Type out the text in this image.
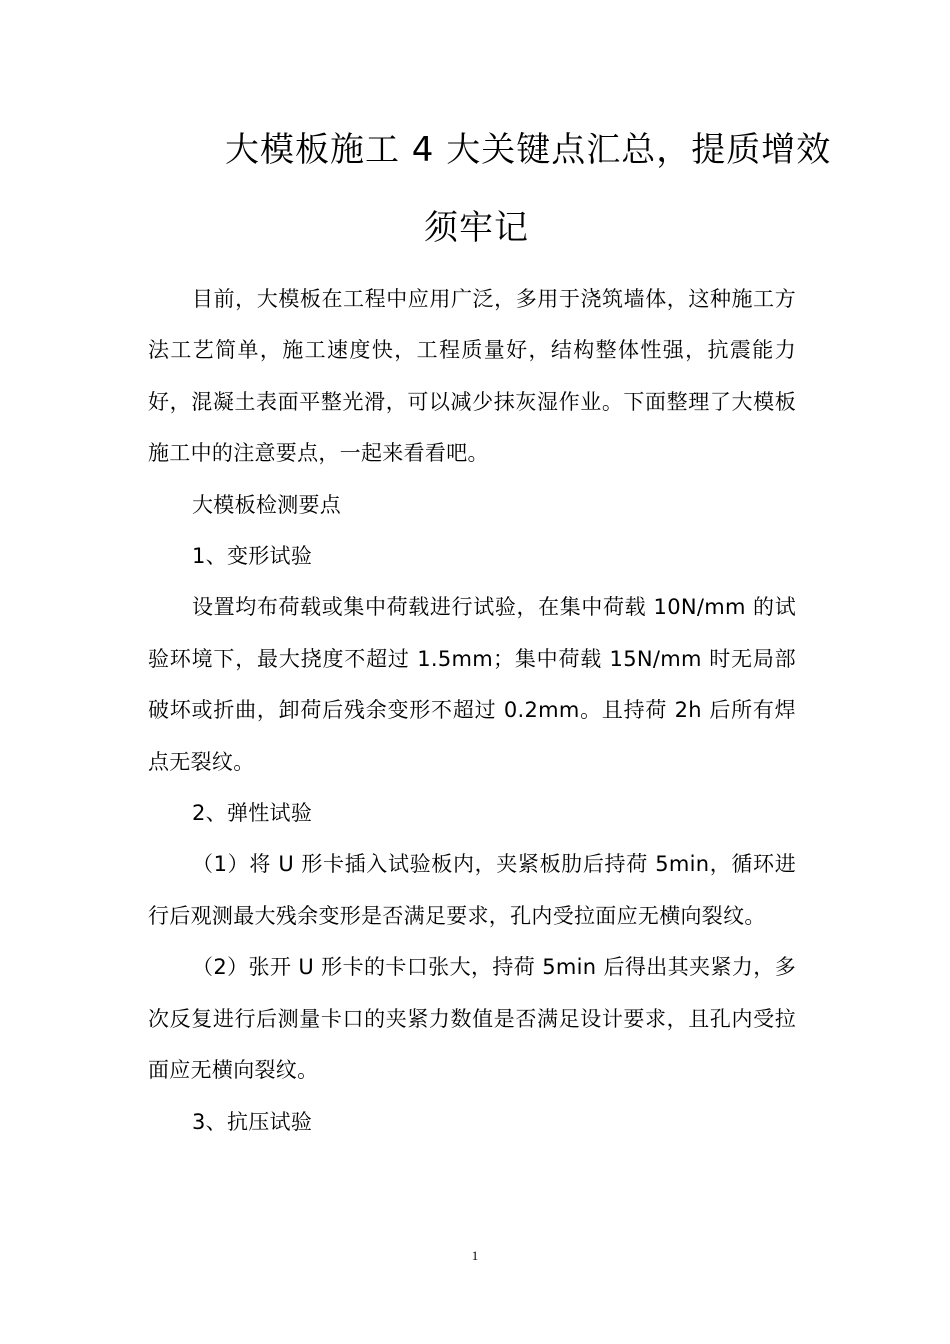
大模板施工 4 大关键点汇总，提质增效
须牢记

目前，大模板在工程中应用广泛，多用于浇筑墙体，这种施工方法工艺简单，施工速度快，工程质量好，结构整体性强，抗震能力好，混凝土表面平整光滑，可以减少抹灰湿作业。下面整理了大模板施工中的注意要点，一起来看看吧。

大模板检测要点

1、变形试验

设置均布荷载或集中荷载进行试验，在集中荷载 10N/mm 的试验环境下，最大挠度不超过 1.5mm；集中荷载 15N/mm 时无局部破坏或折曲，卸荷后残余变形不超过 0.2mm。且持荷 2h 后所有焊点无裂纹。

2、弹性试验

（1）将 U 形卡插入试验板内，夹紧板肋后持荷 5min，循环进行后观测最大残余变形是否满足要求，孔内受拉面应无横向裂纹。

（2）张开 U 形卡的卡口张大，持荷 5min 后得出其夹紧力，多次反复进行后测量卡口的夹紧力数值是否满足设计要求，且孔内受拉面应无横向裂纹。

3、抗压试验

1
